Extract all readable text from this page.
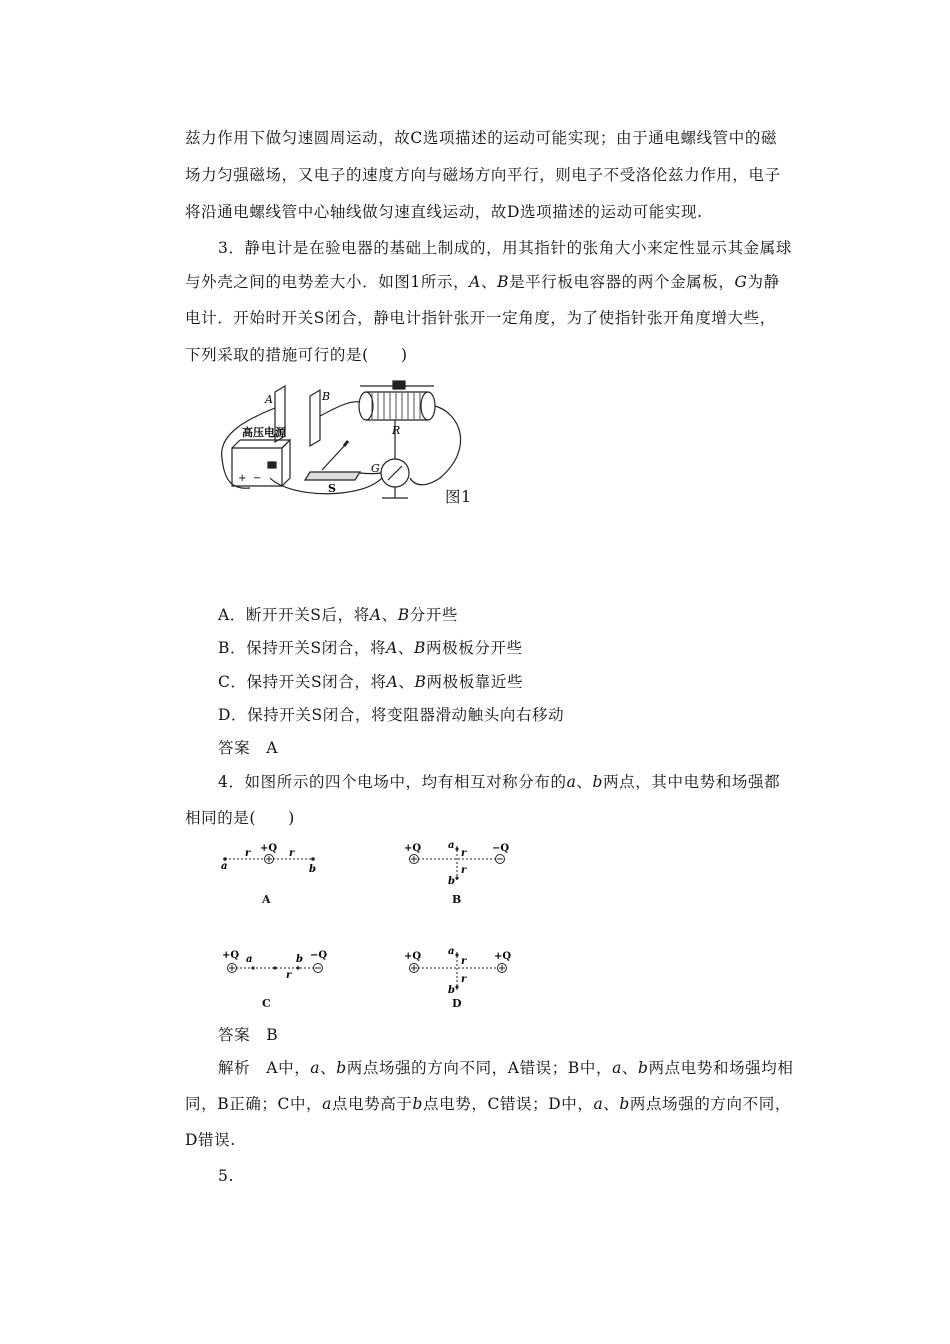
兹力作用下做匀速圆周运动，故C选项描述的运动可能实现；由于通电螺线管中的磁
场力匀强磁场，又电子的速度方向与磁场方向平行，则电子不受洛伦兹力作用，电子
将沿通电螺线管中心轴线做匀速直线运动，故D选项描述的运动可能实现.
3．静电计是在验电器的基础上制成的，用其指针的张角大小来定性显示其金属球
与外壳之间的电势差大小．如图1所示，A、B是平行板电容器的两个金属板，G为静
电计．开始时开关S闭合，静电计指针张开一定角度，为了使指针张开角度增大些，
下列采取的措施可行的是(　　)
A	B
R
G
S
高压电源
+ −
图1
A．断开开关S后，将A、B分开些
B．保持开关S闭合，将A、B两极板分开些
C．保持开关S闭合，将A、B两极板靠近些
D．保持开关S闭合，将变阻器滑动触头向右移动
答案　A
4．如图所示的四个电场中，均有相互对称分布的a、b两点，其中电势和场强都
相同的是(　　)
+Q
a	b
r	r
A
+Q	−Q
a
b
r
r
B
+Q	−Q
a	b
r
C
+Q	+Q
a
b
r
r
D
答案　B
解析　A中，a、b两点场强的方向不同，A错误；B中，a、b两点电势和场强均相
同，B正确；C中，a点电势高于b点电势，C错误；D中，a、b两点场强的方向不同，
D错误.
5.
